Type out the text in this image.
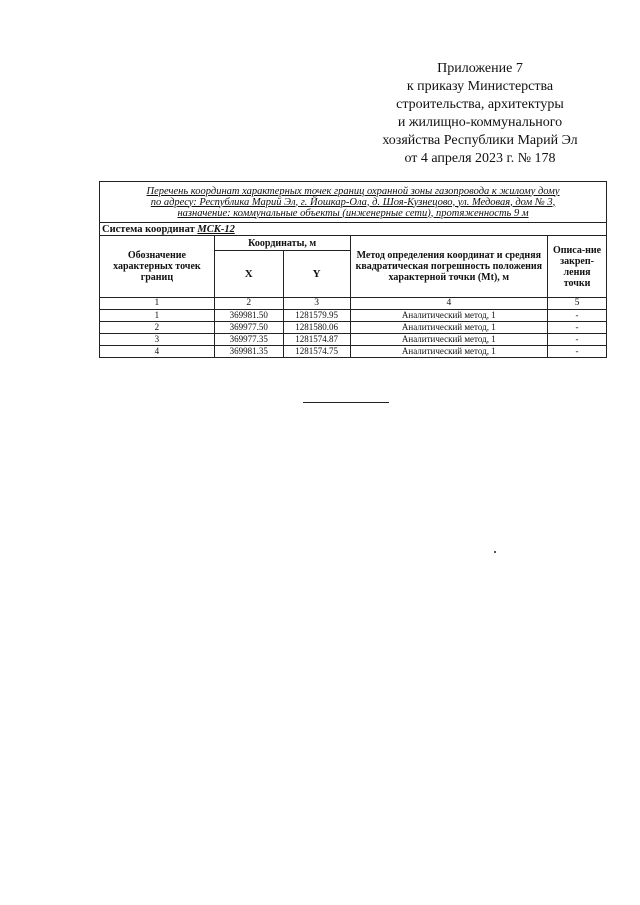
Приложение 7
к приказу Министерства
строительства, архитектуры
и жилищно-коммунального
хозяйства Республики Марий Эл
от 4 апреля 2023 г. № 178
Перечень координат характерных точек границ охранной зоны газопровода к жилому дому
по адресу: Республика Марий Эл, г. Йошкар-Ола, д. Шоя-Кузнецово, ул. Медовая, дом № 3,
назначение: коммунальные объекты (инженерные сети), протяженность 9 м				

Система координат МСК-12				
Обозначение характерных точек границ	Координаты, м		Метод определения координат и средняя квадратическая погрешность положения характерной точки (Mt), м	Описа-ние закреп-ления точки
	X	Y		
1	2	3	4	5
1	369981.50	1281579.95	Аналитический метод, 1	-
2	369977.50	1281580.06	Аналитический метод, 1	-
3	369977.35	1281574.87	Аналитический метод, 1	-
4	369981.35	1281574.75	Аналитический метод, 1	-
